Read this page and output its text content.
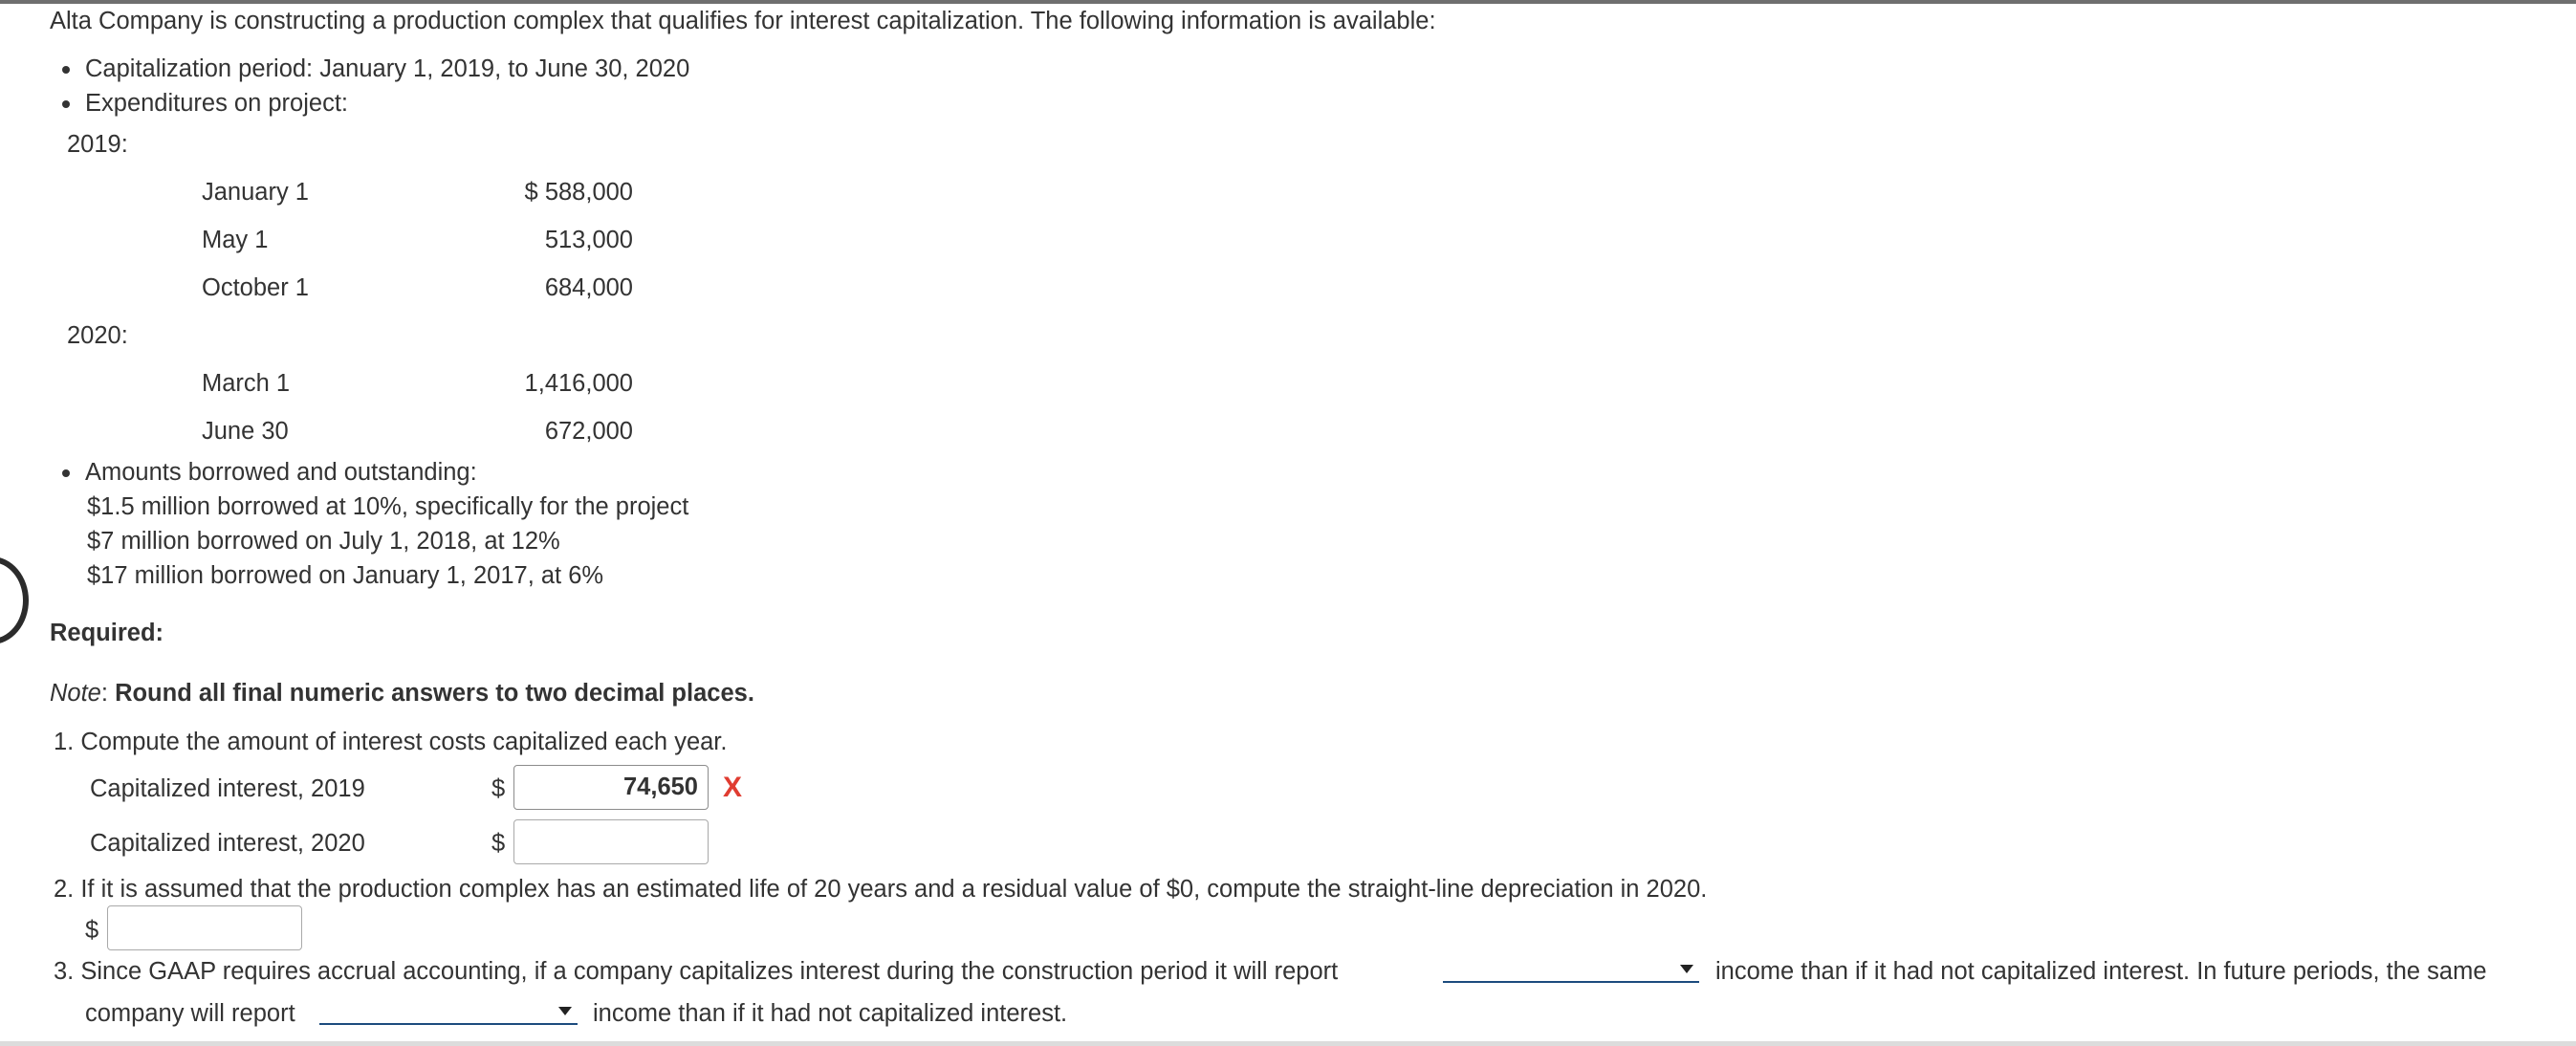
Alta Company is constructing a production complex that qualifies for interest capitalization. The following information is available:
Capitalization period: January 1, 2019, to June 30, 2020
Expenditures on project:
2019:
January 1	$ 588,000
May 1	513,000
October 1	684,000
2020:
March 1	1,416,000
June 30	672,000
Amounts borrowed and outstanding:
$1.5 million borrowed at 10%, specifically for the project
$7 million borrowed on July 1, 2018, at 12%
$17 million borrowed on January 1, 2017, at 6%
Required:
Note: Round all final numeric answers to two decimal places.
1. Compute the amount of interest costs capitalized each year.
Capitalized interest, 2019	$	74,650 X
Capitalized interest, 2020	$
2. If it is assumed that the production complex has an estimated life of 20 years and a residual value of $0, compute the straight-line depreciation in 2020.
$
3. Since GAAP requires accrual accounting, if a company capitalizes interest during the construction period it will report	income than if it had not capitalized interest. In future periods, the same
company will report	income than if it had not capitalized interest.
